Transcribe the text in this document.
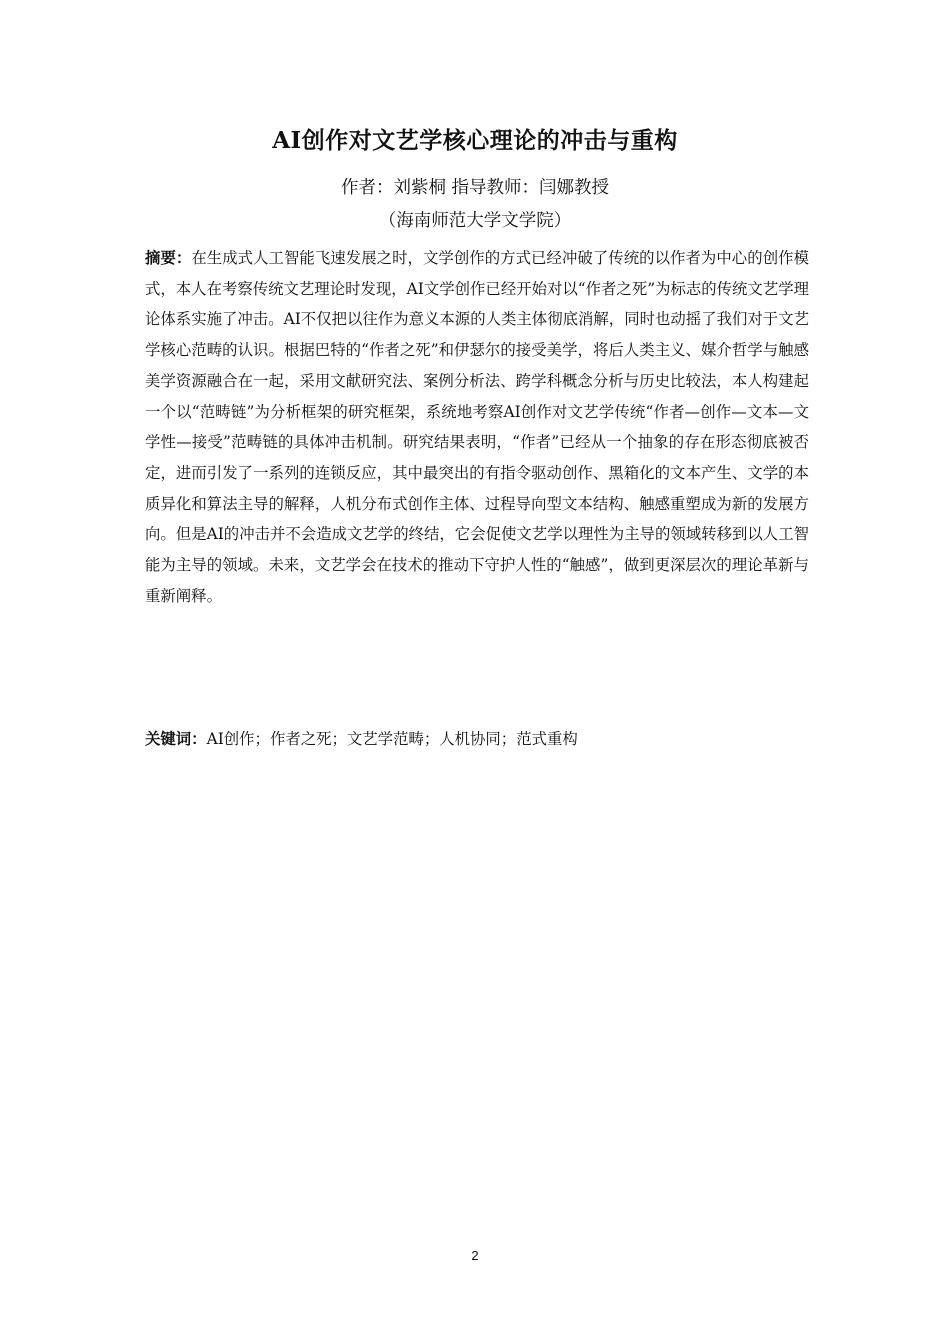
AI创作对文艺学核心理论的冲击与重构

作者：刘紫桐 指导教师：闫娜教授

（海南师范大学文学院）

摘要：在生成式人工智能飞速发展之时，文学创作的方式已经冲破了传统的以作者为中心的创作模式，本人在考察传统文艺理论时发现，AI文学创作已经开始对以“作者之死”为标志的传统文艺学理论体系实施了冲击。AI不仅把以往作为意义本源的人类主体彻底消解，同时也动摇了我们对于文艺学核心范畴的认识。根据巴特的“作者之死”和伊瑟尔的接受美学，将后人类主义、媒介哲学与触感美学资源融合在一起，采用文献研究法、案例分析法、跨学科概念分析与历史比较法，本人构建起一个以“范畴链”为分析框架的研究框架，系统地考察AI创作对文艺学传统“作者—创作—文本—文学性—接受”范畴链的具体冲击机制。研究结果表明，“作者”已经从一个抽象的存在形态彻底被否定，进而引发了一系列的连锁反应，其中最突出的有指令驱动创作、黑箱化的文本产生、文学的本质异化和算法主导的解释，人机分布式创作主体、过程导向型文本结构、触感重塑成为新的发展方向。但是AI的冲击并不会造成文艺学的终结，它会促使文艺学以理性为主导的领域转移到以人工智能为主导的领域。未来，文艺学会在技术的推动下守护人性的“触感”，做到更深层次的理论革新与重新阐释。

关键词：AI创作；作者之死；文艺学范畴；人机协同；范式重构

2
